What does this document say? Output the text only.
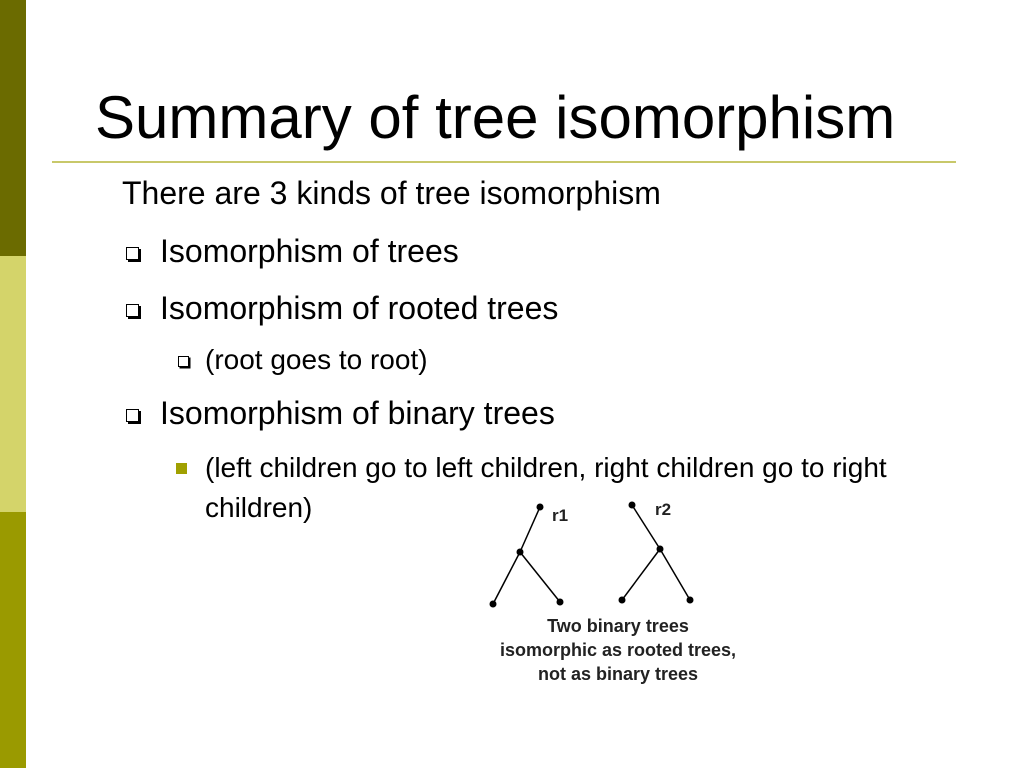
Summary of tree isomorphism
There are 3 kinds of tree isomorphism
Isomorphism of trees
Isomorphism of rooted trees
(root goes to root)
Isomorphism of binary trees
(left children go to left children, right children go to right children)	r1	r2
Two binary trees
isomorphic as rooted trees,
not as binary trees
